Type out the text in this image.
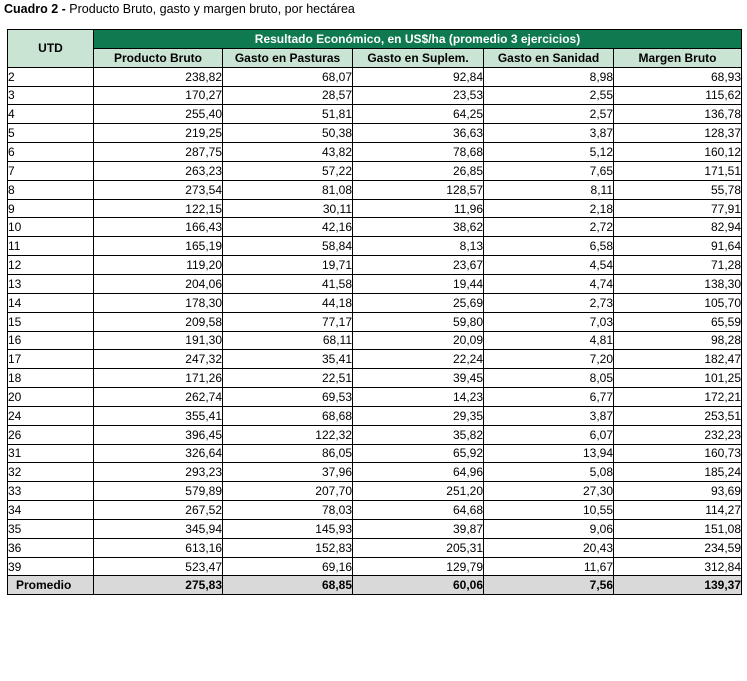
Cuadro 2 - Producto Bruto, gasto y margen bruto, por hectárea
UTD	Resultado Económico, en US$/ha (promedio 3 ejercicios)				
	Producto Bruto	Gasto en Pasturas	Gasto en Suplem.	Gasto en Sanidad	Margen Bruto
2	238,82	68,07	92,84	8,98	68,93
3	170,27	28,57	23,53	2,55	115,62
4	255,40	51,81	64,25	2,57	136,78
5	219,25	50,38	36,63	3,87	128,37
6	287,75	43,82	78,68	5,12	160,12
7	263,23	57,22	26,85	7,65	171,51
8	273,54	81,08	128,57	8,11	55,78
9	122,15	30,11	11,96	2,18	77,91
10	166,43	42,16	38,62	2,72	82,94
11	165,19	58,84	8,13	6,58	91,64
12	119,20	19,71	23,67	4,54	71,28
13	204,06	41,58	19,44	4,74	138,30
14	178,30	44,18	25,69	2,73	105,70
15	209,58	77,17	59,80	7,03	65,59
16	191,30	68,11	20,09	4,81	98,28
17	247,32	35,41	22,24	7,20	182,47
18	171,26	22,51	39,45	8,05	101,25
20	262,74	69,53	14,23	6,77	172,21
24	355,41	68,68	29,35	3,87	253,51
26	396,45	122,32	35,82	6,07	232,23
31	326,64	86,05	65,92	13,94	160,73
32	293,23	37,96	64,96	5,08	185,24
33	579,89	207,70	251,20	27,30	93,69
34	267,52	78,03	64,68	10,55	114,27
35	345,94	145,93	39,87	9,06	151,08
36	613,16	152,83	205,31	20,43	234,59
39	523,47	69,16	129,79	11,67	312,84
Promedio	275,83	68,85	60,06	7,56	139,37
